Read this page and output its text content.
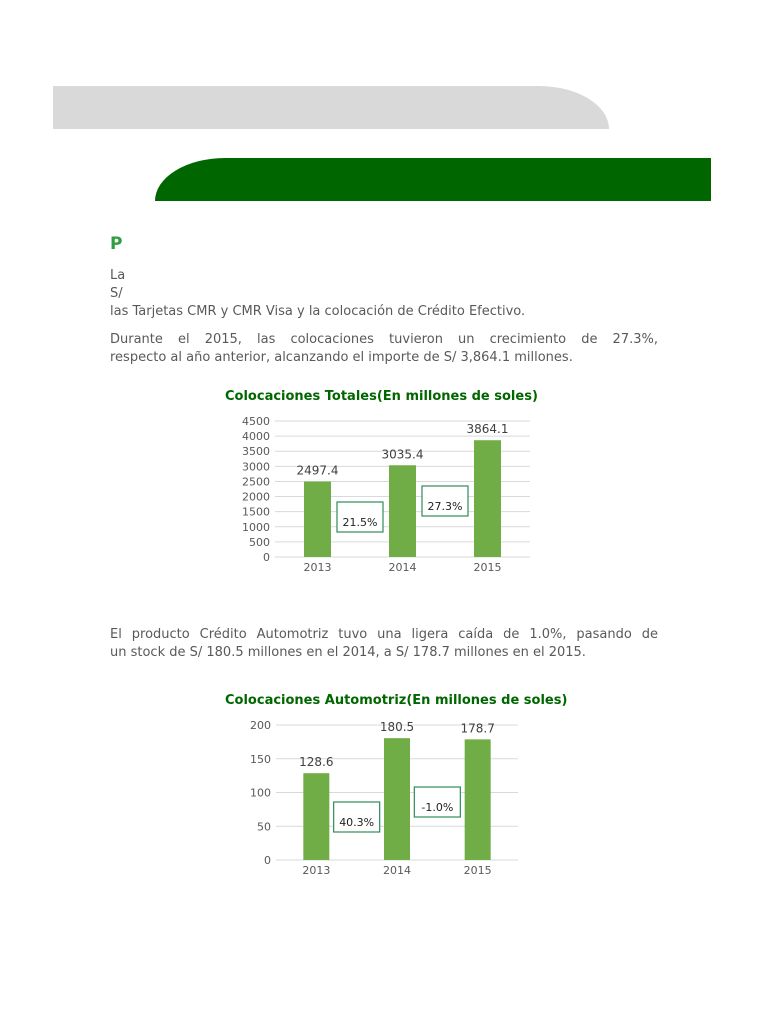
P
La
S/

las Tarjetas CMR y CMR Visa y la colocación de Crédito Efectivo.

Durante el 2015, las colocaciones tuvieron un crecimiento de 27.3%,
respecto al año anterior, alcanzando el importe de S/ 3,864.1 millones.

Colocaciones Totales(En millones de soles)
0
500
1000
1500
2000
2500
3000
3500
4000
4500
2497.4
2013
3035.4
2014
3864.1
2015
21.5%
27.3%

El producto Crédito Automotriz tuvo una ligera caída de 1.0%, pasando de
un stock de S/ 180.5 millones en el 2014, a S/ 178.7 millones en el 2015.

Colocaciones Automotriz(En millones de soles)
0
50
100
150
200
128.6
2013
180.5
2014
178.7
2015
40.3%
-1.0%
